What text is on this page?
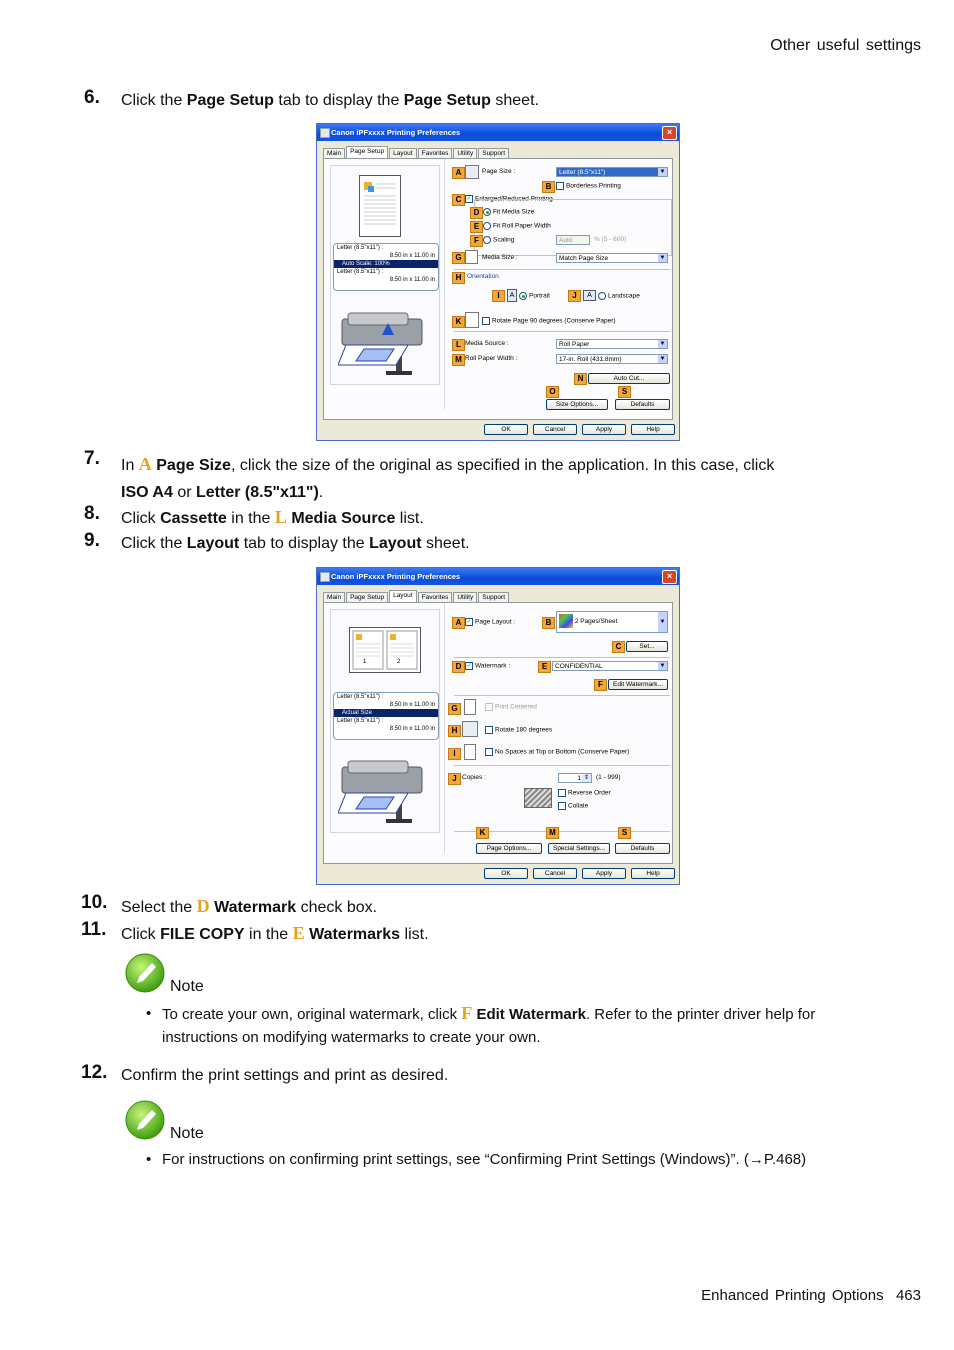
Other useful settings
6.	Click the Page Setup tab to display the Page Setup sheet.
Canon iPFxxxx Printing Preferences	×
Main	Page Setup	Layout	Favorites	Utility	Support
Letter (8.5"x11") :
8.50 in x 11.00 in
Auto Scale: 100%
Letter (8.5"x11") :
8.50 in x 11.00 in
A	Page Size :	Letter (8.5"x11")	▼
B	Borderless Printing
C ✓ Enlarged/Reduced Printing
D	Fit Media Size
E	Fit Roll Paper Width
F	Scaling	Auto	% (5 - 600)
G	Media Size :	Match Page Size	▼
H Orientation
I	A	Portrait	J	A	Landscape
K	Rotate Page 90 degrees (Conserve Paper)
L Media Source :	Roll Paper	▼
M Roll Paper Width :	17-in. Roll (431.8mm)	▼
N	Auto Cut...
O	S
Size Options...	Defaults
OK	Cancel	Apply	Help
7.	In A Page Size, click the size of the original as specified in the application. In this case, click
ISO A4 or Letter (8.5"x11").
8.	Click Cassette in the L Media Source list.
9.	Click the Layout tab to display the Layout sheet.
Canon iPFxxxx Printing Preferences	×
Main	Page Setup	Layout	Favorites	Utility	Support
1	2
Letter (8.5"x11") :
8.50 in x 11.00 in
Actual Size
Letter (8.5"x11") :
8.50 in x 11.00 in
A ✓ Page Layout :	B	2 Pages/Sheet	▼
C	Set...
D ✓ Watermark :	E	CONFIDENTIAL	▼
F	Edit Watermark...
G	Print Centered
H	Rotate 180 degrees
I	No Spaces at Top or Bottom (Conserve Paper)
J Copies :	1 ⇕	(1 - 999)
Reverse Order
Collate
K	M	S
Page Options...	Special Settings...	Defaults
OK	Cancel	Apply	Help
10. Select the D Watermark check box.
11. Click FILE COPY in the E Watermarks list.
Note
• To create your own, original watermark, click F Edit Watermark. Refer to the printer driver help for instructions on modifying watermarks to create your own.
12. Confirm the print settings and print as desired.
Note
• For instructions on confirming print settings, see “Confirming Print Settings (Windows)”. (→P.468)
Enhanced Printing Options 463
